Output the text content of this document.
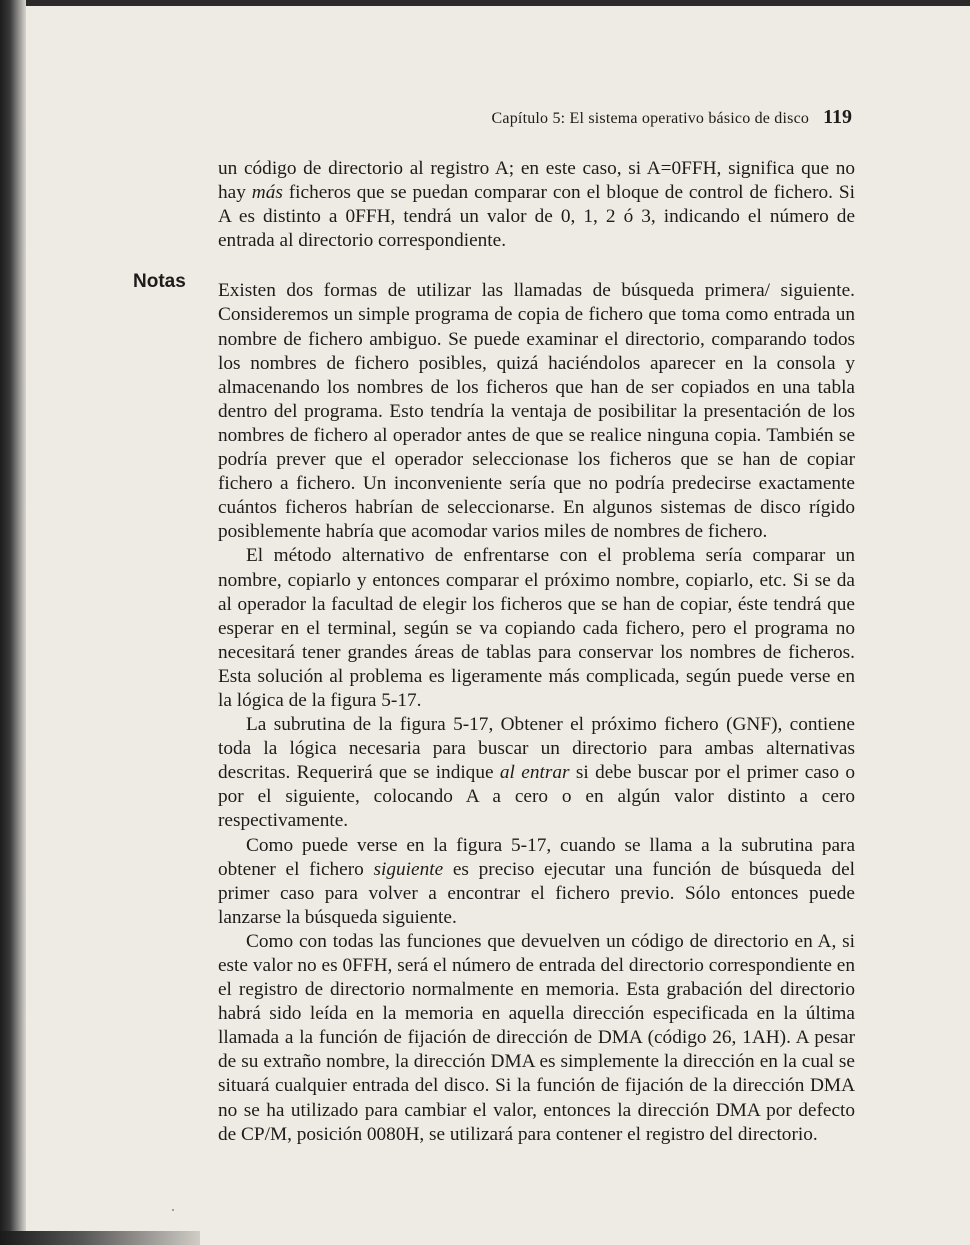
Capítulo 5: El sistema operativo básico de disco 119
Notas

un código de directorio al registro A; en este caso, si A=0FFH, significa que no hay más ficheros que se puedan comparar con el bloque de control de fichero. Si A es distinto a 0FFH, tendrá un valor de 0, 1, 2 ó 3, indicando el número de entrada al directorio correspondiente.

Existen dos formas de utilizar las llamadas de búsqueda primera/ siguiente. Consideremos un simple programa de copia de fichero que toma como entrada un nombre de fichero ambiguo. Se puede examinar el directorio, comparando todos los nombres de fichero posibles, quizá haciéndolos aparecer en la consola y almacenando los nombres de los ficheros que han de ser copiados en una tabla dentro del programa. Esto tendría la ventaja de posibilitar la presentación de los nombres de fichero al operador antes de que se realice ninguna copia. También se podría prever que el operador seleccionase los ficheros que se han de copiar fichero a fichero. Un inconveniente sería que no podría predecirse exactamente cuántos ficheros habrían de seleccionarse. En algunos sistemas de disco rígido posiblemente habría que acomodar varios miles de nombres de fichero.

El método alternativo de enfrentarse con el problema sería comparar un nombre, copiarlo y entonces comparar el próximo nombre, copiarlo, etc. Si se da al operador la facultad de elegir los ficheros que se han de copiar, éste tendrá que esperar en el terminal, según se va copiando cada fichero, pero el programa no necesitará tener grandes áreas de tablas para conservar los nombres de ficheros. Esta solución al problema es ligeramente más complicada, según puede verse en la lógica de la figura 5-17.

La subrutina de la figura 5-17, Obtener el próximo fichero (GNF), contiene toda la lógica necesaria para buscar un directorio para ambas alternativas descritas. Requerirá que se indique al entrar si debe buscar por el primer caso o por el siguiente, colocando A a cero o en algún valor distinto a cero respectivamente.

Como puede verse en la figura 5-17, cuando se llama a la subrutina para obtener el fichero siguiente es preciso ejecutar una función de búsqueda del primer caso para volver a encontrar el fichero previo. Sólo entonces puede lanzarse la búsqueda siguiente.

Como con todas las funciones que devuelven un código de directorio en A, si este valor no es 0FFH, será el número de entrada del directorio correspondiente en el registro de directorio normalmente en memoria. Esta grabación del directorio habrá sido leída en la memoria en aquella dirección especificada en la última llamada a la función de fijación de dirección de DMA (código 26, 1AH). A pesar de su extraño nombre, la dirección DMA es simplemente la dirección en la cual se situará cualquier entrada del disco. Si la función de fijación de la dirección DMA no se ha utilizado para cambiar el valor, entonces la dirección DMA por defecto de CP/M, posición 0080H, se utilizará para contener el registro del directorio.
